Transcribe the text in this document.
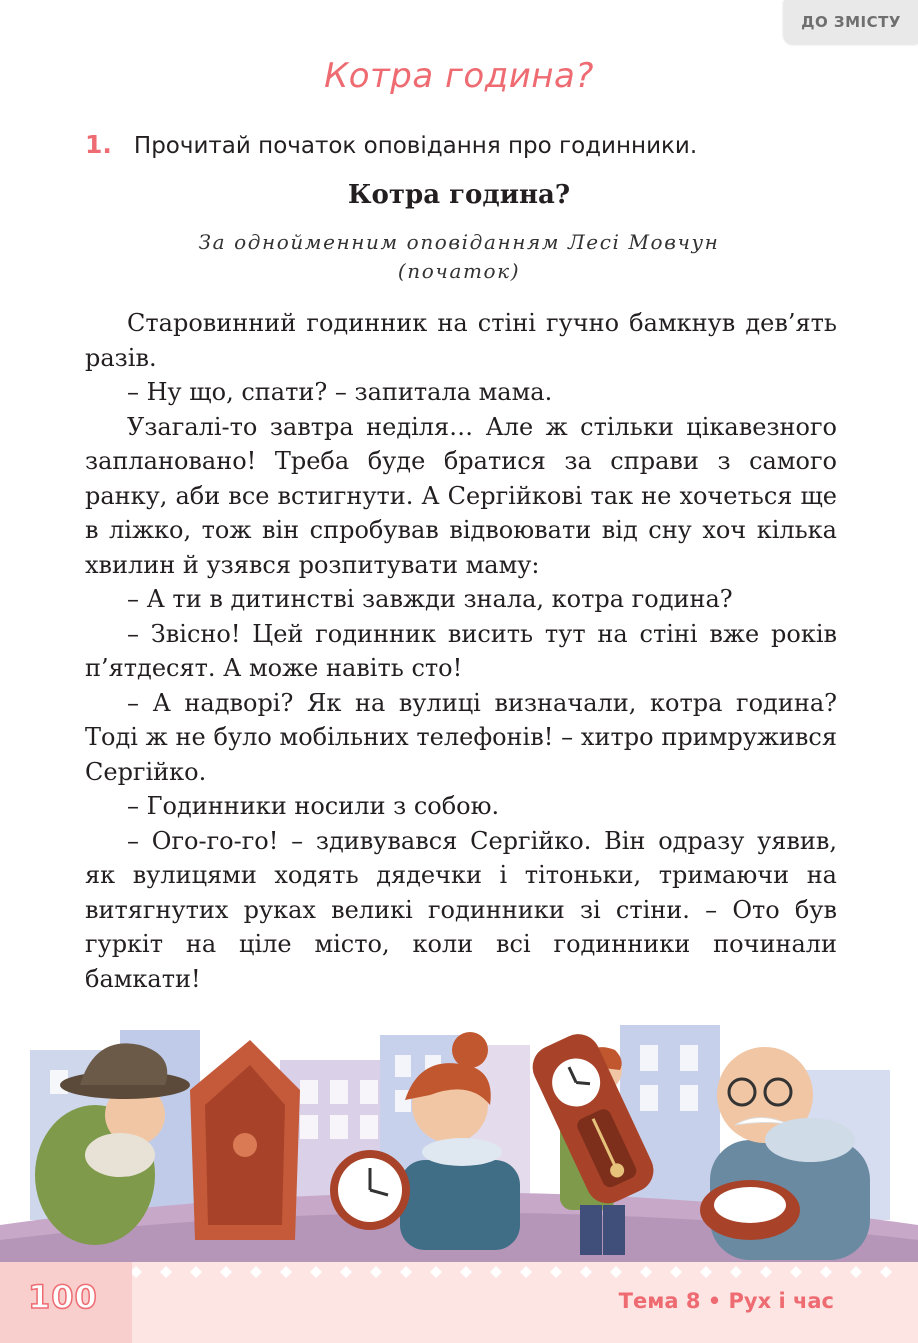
ДО ЗМІСТУ
Котра година?
1. Прочитай початок оповідання про годинники.
Котра година?
За однойменним оповіданням Лесі Мовчун
(початок)

Старовинний годинник на стіні гучно бамкнув дев’ять разів.

– Ну що, спати? – запитала мама.

Узагалі-то завтра неділя… Але ж стільки цікавезного заплановано! Треба буде братися за справи з самого ранку, аби все встигнути. А Сергійкові так не хочеться ще в ліжко, тож він спробував відвоювати від сну хоч кілька хвилин й узявся розпитувати маму:

– А ти в дитинстві завжди знала, котра година?

– Звісно! Цей годинник висить тут на стіні вже років п’ятдесят. А може навіть сто!

– А надворі? Як на вулиці визначали, котра година? Тоді ж не було мобільних телефонів! – хитро примружився Сергійко.

– Годинники носили з собою.

– Ого-го-го! – здивувався Сергійко. Він одразу уявив, як вулицями ходять дядечки і тітоньки, тримаючи на витягнутих руках великі годинники зі стіни. – Ото був гуркіт на ціле місто, коли всі годинники починали бамкати!

100	Тема 8 • Рух і час
